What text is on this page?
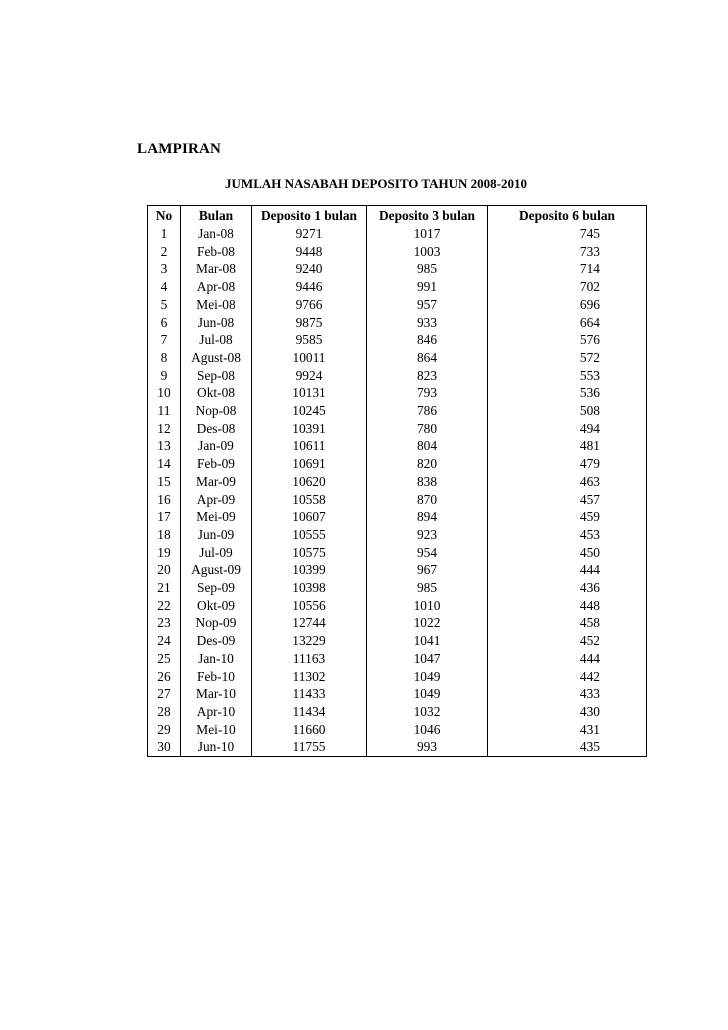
LAMPIRAN
JUMLAH NASABAH DEPOSITO TAHUN 2008-2010
No	Bulan	Deposito 1 bulan	Deposito 3 bulan	Deposito 6 bulan
1	Jan-08	9271	1017	745
2	Feb-08	9448	1003	733
3	Mar-08	9240	985	714
4	Apr-08	9446	991	702
5	Mei-08	9766	957	696
6	Jun-08	9875	933	664
7	Jul-08	9585	846	576
8	Agust-08	10011	864	572
9	Sep-08	9924	823	553
10	Okt-08	10131	793	536
11	Nop-08	10245	786	508
12	Des-08	10391	780	494
13	Jan-09	10611	804	481
14	Feb-09	10691	820	479
15	Mar-09	10620	838	463
16	Apr-09	10558	870	457
17	Mei-09	10607	894	459
18	Jun-09	10555	923	453
19	Jul-09	10575	954	450
20	Agust-09	10399	967	444
21	Sep-09	10398	985	436
22	Okt-09	10556	1010	448
23	Nop-09	12744	1022	458
24	Des-09	13229	1041	452
25	Jan-10	11163	1047	444
26	Feb-10	11302	1049	442
27	Mar-10	11433	1049	433
28	Apr-10	11434	1032	430
29	Mei-10	11660	1046	431
30	Jun-10	11755	993	435
